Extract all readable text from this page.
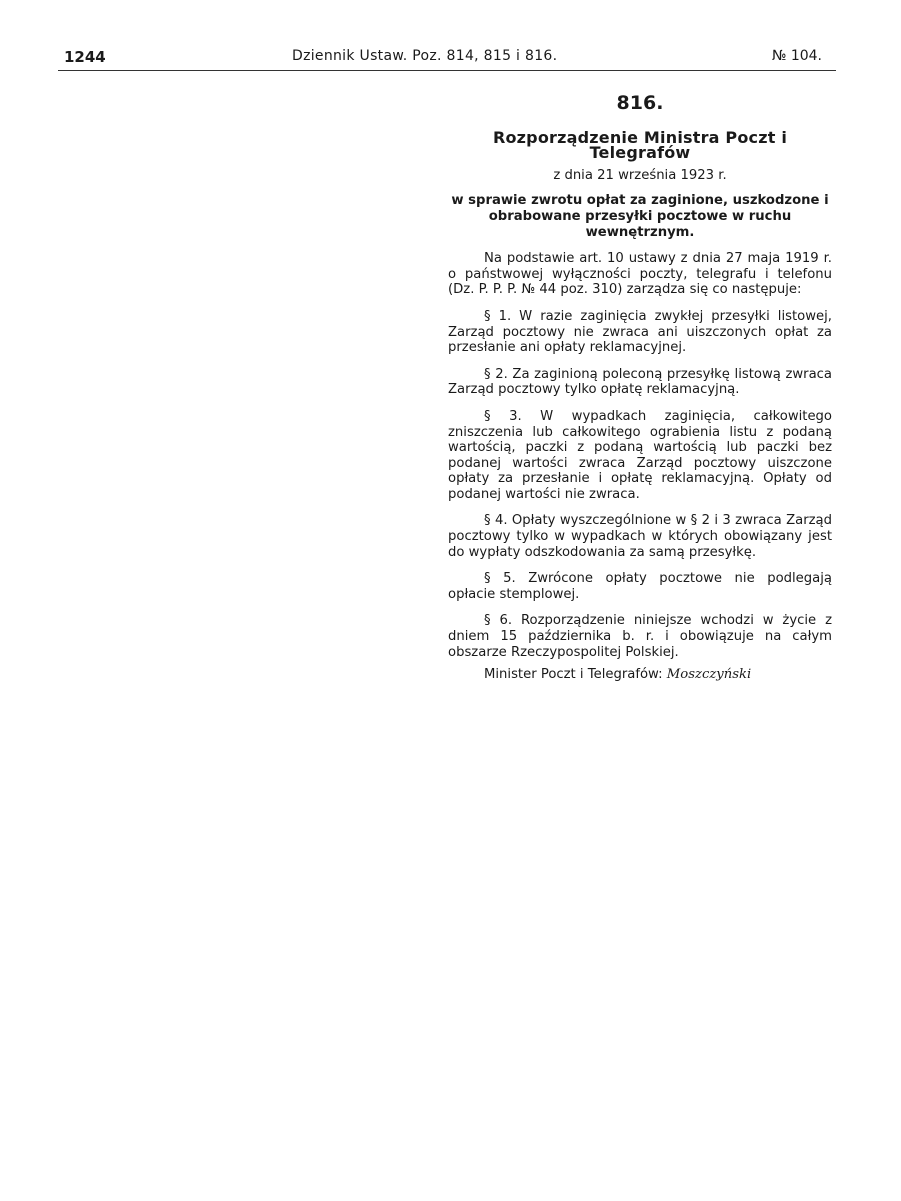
1244	Dziennik Ustaw. Poz. 814, 815 i 816.	№ 104.
816.
Rozporządzenie Ministra Poczt i Telegrafów
z dnia 21 września 1923 r.
w sprawie zwrotu opłat za zaginione, uszkodzone i obrabowane przesyłki pocztowe w ruchu wewnętrznym.
Na podstawie art. 10 ustawy z dnia 27 maja 1919 r. o państwowej wyłączności poczty, telegrafu i telefonu (Dz. P. P. P. № 44 poz. 310) zarządza się co następuje:
§ 1. W razie zaginięcia zwykłej przesyłki listowej, Zarząd pocztowy nie zwraca ani uiszczonych opłat za przesłanie ani opłaty reklamacyjnej.
§ 2. Za zaginioną poleconą przesyłkę listową zwraca Zarząd pocztowy tylko opłatę reklamacyjną.
§ 3. W wypadkach zaginięcia, całkowitego zniszczenia lub całkowitego ograbienia listu z podaną wartością, paczki z podaną wartością lub paczki bez podanej wartości zwraca Zarząd pocztowy uiszczone opłaty za przesłanie i opłatę reklamacyjną. Opłaty od podanej wartości nie zwraca.
§ 4. Opłaty wyszczególnione w § 2 i 3 zwraca Zarząd pocztowy tylko w wypadkach w których obowiązany jest do wypłaty odszkodowania za samą przesyłkę.
§ 5. Zwrócone opłaty pocztowe nie podlegają opłacie stemplowej.
§ 6. Rozporządzenie niniejsze wchodzi w życie z dniem 15 października b. r. i obowiązuje na całym obszarze Rzeczypospolitej Polskiej.
Minister Poczt i Telegrafów: Moszczyński
